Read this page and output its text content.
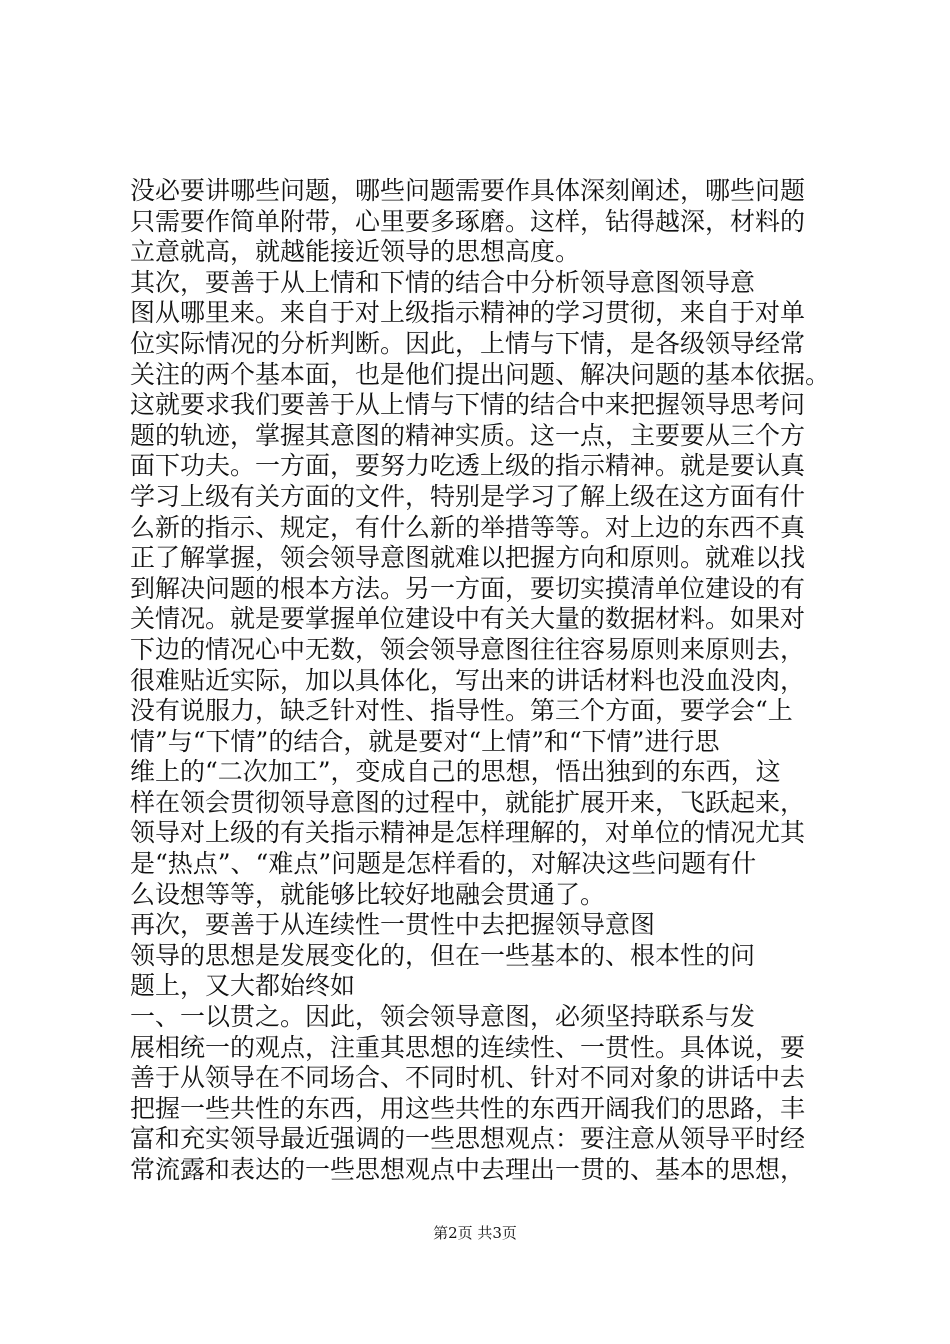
没必要讲哪些问题，哪些问题需要作具体深刻阐述，哪些问题
只需要作简单附带，心里要多琢磨。这样，钻得越深，材料的
立意就高，就越能接近领导的思想高度。
其次，要善于从上情和下情的结合中分析领导意图领导意
图从哪里来。来自于对上级指示精神的学习贯彻，来自于对单
位实际情况的分析判断。因此，上情与下情，是各级领导经常
关注的两个基本面，也是他们提出问题、解决问题的基本依据。
这就要求我们要善于从上情与下情的结合中来把握领导思考问
题的轨迹，掌握其意图的精神实质。这一点，主要要从三个方
面下功夫。一方面，要努力吃透上级的指示精神。就是要认真
学习上级有关方面的文件，特别是学习了解上级在这方面有什
么新的指示、规定，有什么新的举措等等。对上边的东西不真
正了解掌握，领会领导意图就难以把握方向和原则。就难以找
到解决问题的根本方法。另一方面，要切实摸清单位建设的有
关情况。就是要掌握单位建设中有关大量的数据材料。如果对
下边的情况心中无数，领会领导意图往往容易原则来原则去，
很难贴近实际，加以具体化，写出来的讲话材料也没血没肉，
没有说服力，缺乏针对性、指导性。第三个方面，要学会“上
情”与“下情”的结合，就是要对“上情”和“下情”进行思
维上的“二次加工”，变成自己的思想，悟出独到的东西，这
样在领会贯彻领导意图的过程中，就能扩展开来，飞跃起来，
领导对上级的有关指示精神是怎样理解的，对单位的情况尤其
是“热点”、“难点”问题是怎样看的，对解决这些问题有什
么设想等等，就能够比较好地融会贯通了。
再次，要善于从连续性一贯性中去把握领导意图
领导的思想是发展变化的，但在一些基本的、根本性的问
题上，又大都始终如
一、一以贯之。因此，领会领导意图，必须坚持联系与发
展相统一的观点，注重其思想的连续性、一贯性。具体说，要
善于从领导在不同场合、不同时机、针对不同对象的讲话中去
把握一些共性的东西，用这些共性的东西开阔我们的思路，丰
富和充实领导最近强调的一些思想观点：要注意从领导平时经
常流露和表达的一些思想观点中去理出一贯的、基本的思想，
第2页 共3页
